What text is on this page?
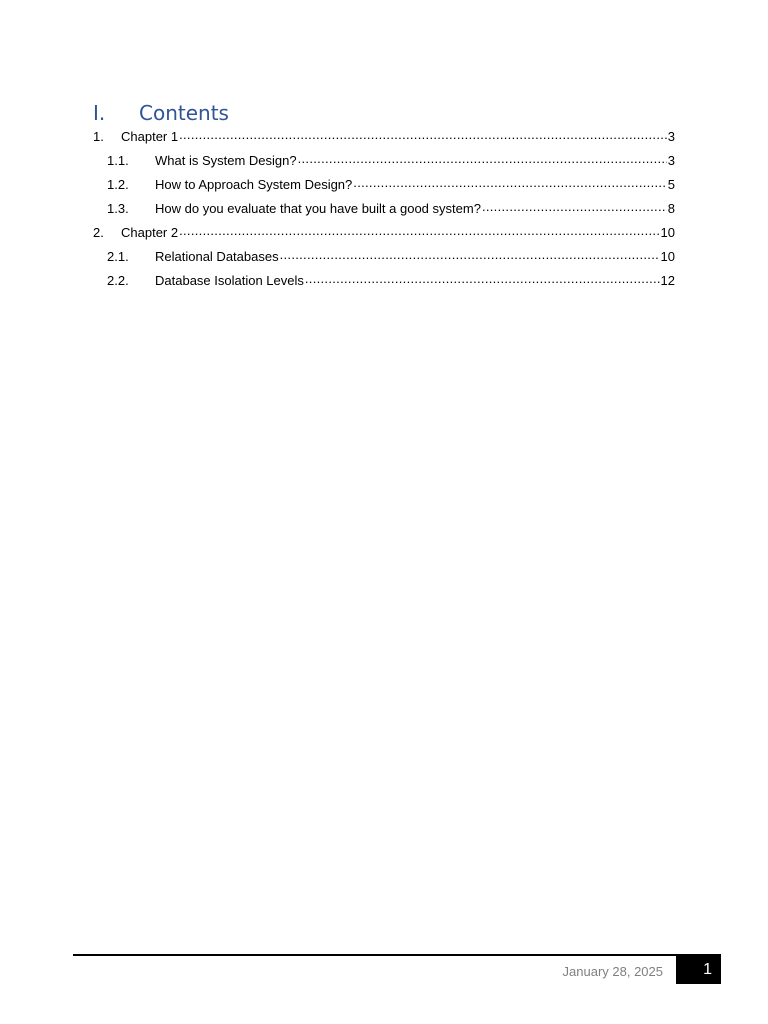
I. Contents
1.	Chapter 1 .....	3
1.1.	What is System Design? .....	3
1.2.	How to Approach System Design? .....	5
1.3.	How do you evaluate that you have built a good system? .....	8
2.	Chapter 2 .....	10
2.1.	Relational Databases .....	10
2.2.	Database Isolation Levels .....	12
January 28, 2025	1
